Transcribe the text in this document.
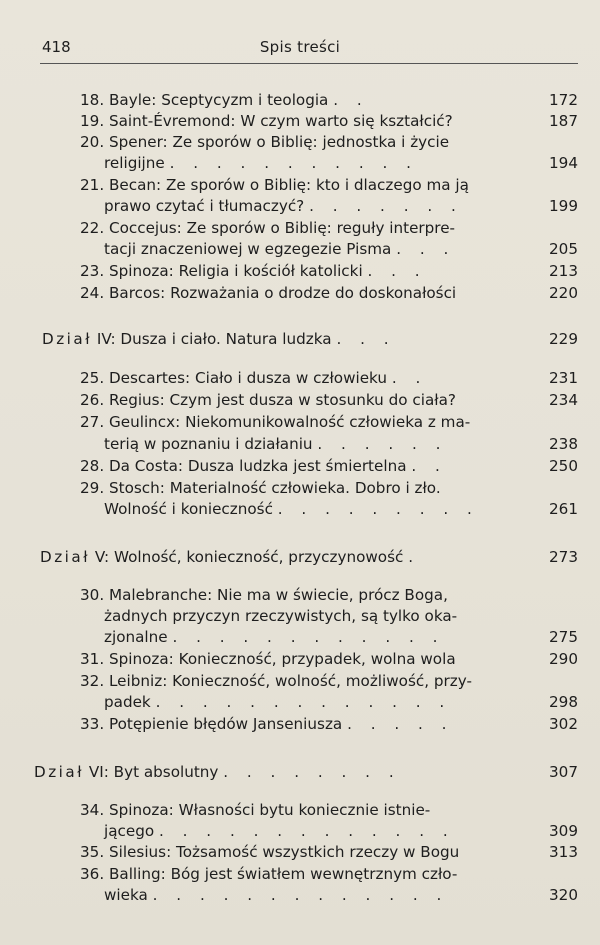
418	Spis treści
18. Bayle: Sceptycyzm i teologia . .	172
19. Saint-Évremond: W czym warto się kształcić?	187
20. Spener: Ze sporów o Biblię: jednostka i życie
religijne . . . . . . . . . . .	194
21. Becan: Ze sporów o Biblię: kto i dlaczego ma ją
prawo czytać i tłumaczyć? . . . . . . .	199
22. Coccejus: Ze sporów o Biblię: reguły interpre-
tacji znaczeniowej w egzegezie Pisma . . .	205
23. Spinoza: Religia i kościół katolicki . . .	213
24. Barcos: Rozważania o drodze do doskonałości	220
Dział IV: Dusza i ciało. Natura ludzka . . .	229
25. Descartes: Ciało i dusza w człowieku . .	231
26. Regius: Czym jest dusza w stosunku do ciała?	234
27. Geulincx: Niekomunikowalność człowieka z ma-
terią w poznaniu i działaniu . . . . . .	238
28. Da Costa: Dusza ludzka jest śmiertelna . .	250
29. Stosch: Materialność człowieka. Dobro i zło.
Wolność i konieczność . . . . . . . . .	261
Dział V: Wolność, konieczność, przyczynowość .	273
30. Malebranche: Nie ma w świecie, prócz Boga,
żadnych przyczyn rzeczywistych, są tylko oka-
zjonalne . . . . . . . . . . . .	275
31. Spinoza: Konieczność, przypadek, wolna wola	290
32. Leibniz: Konieczność, wolność, możliwość, przy-
padek . . . . . . . . . . . . .	298
33. Potępienie błędów Janseniusza . . . . .	302
Dział VI: Byt absolutny . . . . . . . .	307
34. Spinoza: Własności bytu koniecznie istnie-
jącego . . . . . . . . . . . . .	309
35. Silesius: Tożsamość wszystkich rzeczy w Bogu	313
36. Balling: Bóg jest światłem wewnętrznym czło-
wieka . . . . . . . . . . . . .	320
